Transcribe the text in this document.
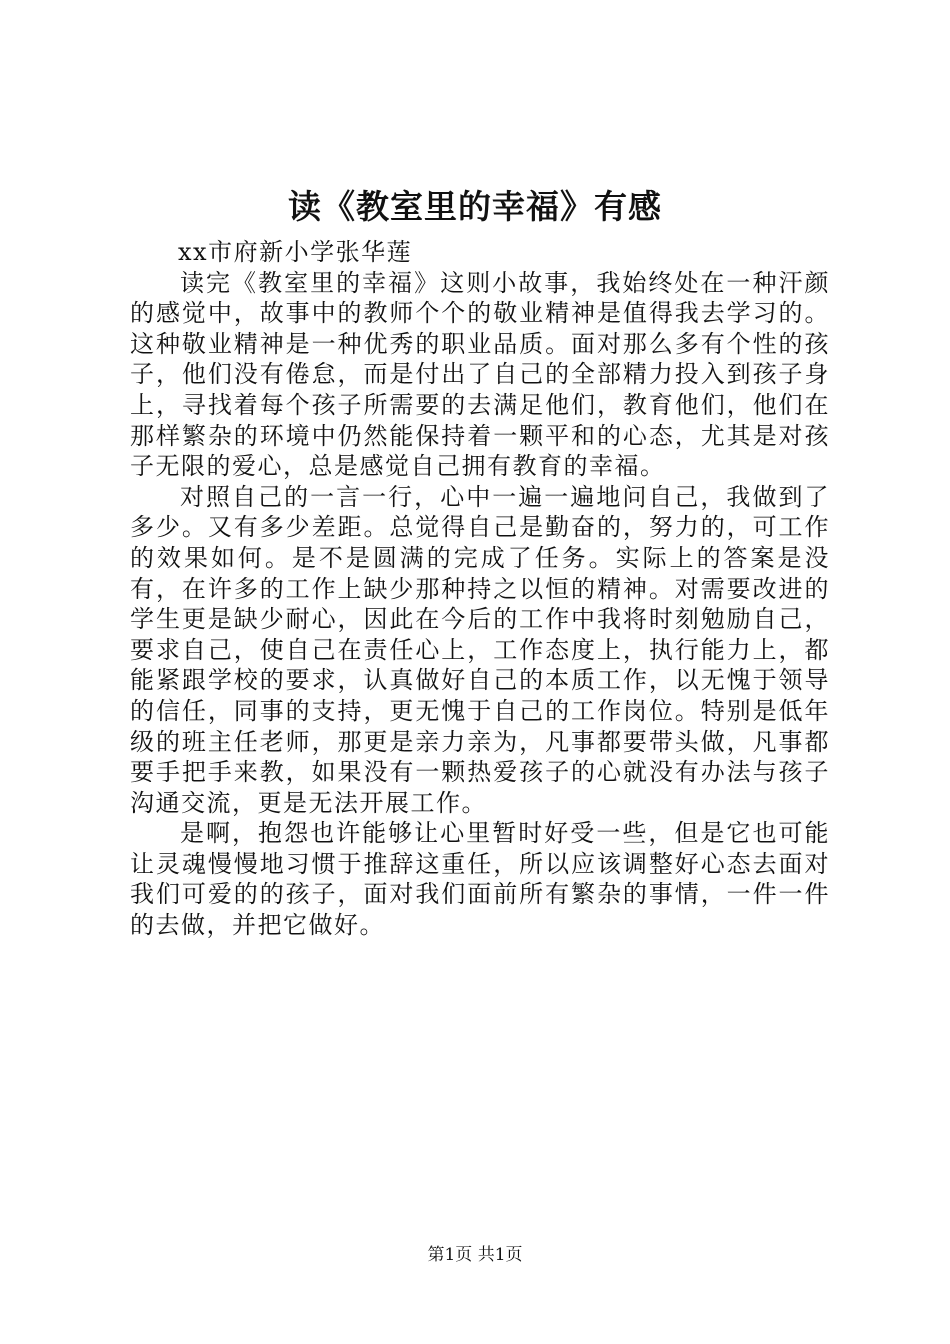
读《教室里的幸福》有感

xx市府新小学张华莲

读完《教室里的幸福》这则小故事，我始终处在一种汗颜的感觉中，故事中的教师个个的敬业精神是值得我去学习的。这种敬业精神是一种优秀的职业品质。面对那么多有个性的孩子，他们没有倦怠，而是付出了自己的全部精力投入到孩子身上，寻找着每个孩子所需要的去满足他们，教育他们，他们在那样繁杂的环境中仍然能保持着一颗平和的心态，尤其是对孩子无限的爱心，总是感觉自己拥有教育的幸福。

对照自己的一言一行，心中一遍一遍地问自己，我做到了多少。又有多少差距。总觉得自己是勤奋的，努力的，可工作的效果如何。是不是圆满的完成了任务。实际上的答案是没有，在许多的工作上缺少那种持之以恒的精神。对需要改进的学生更是缺少耐心，因此在今后的工作中我将时刻勉励自己，要求自己，使自己在责任心上，工作态度上，执行能力上，都能紧跟学校的要求，认真做好自己的本质工作，以无愧于领导的信任，同事的支持，更无愧于自己的工作岗位。特别是低年级的班主任老师，那更是亲力亲为，凡事都要带头做，凡事都要手把手来教，如果没有一颗热爱孩子的心就没有办法与孩子沟通交流，更是无法开展工作。

是啊，抱怨也许能够让心里暂时好受一些，但是它也可能让灵魂慢慢地习惯于推辞这重任，所以应该调整好心态去面对我们可爱的的孩子，面对我们面前所有繁杂的事情，一件一件的去做，并把它做好。

第1页 共1页
